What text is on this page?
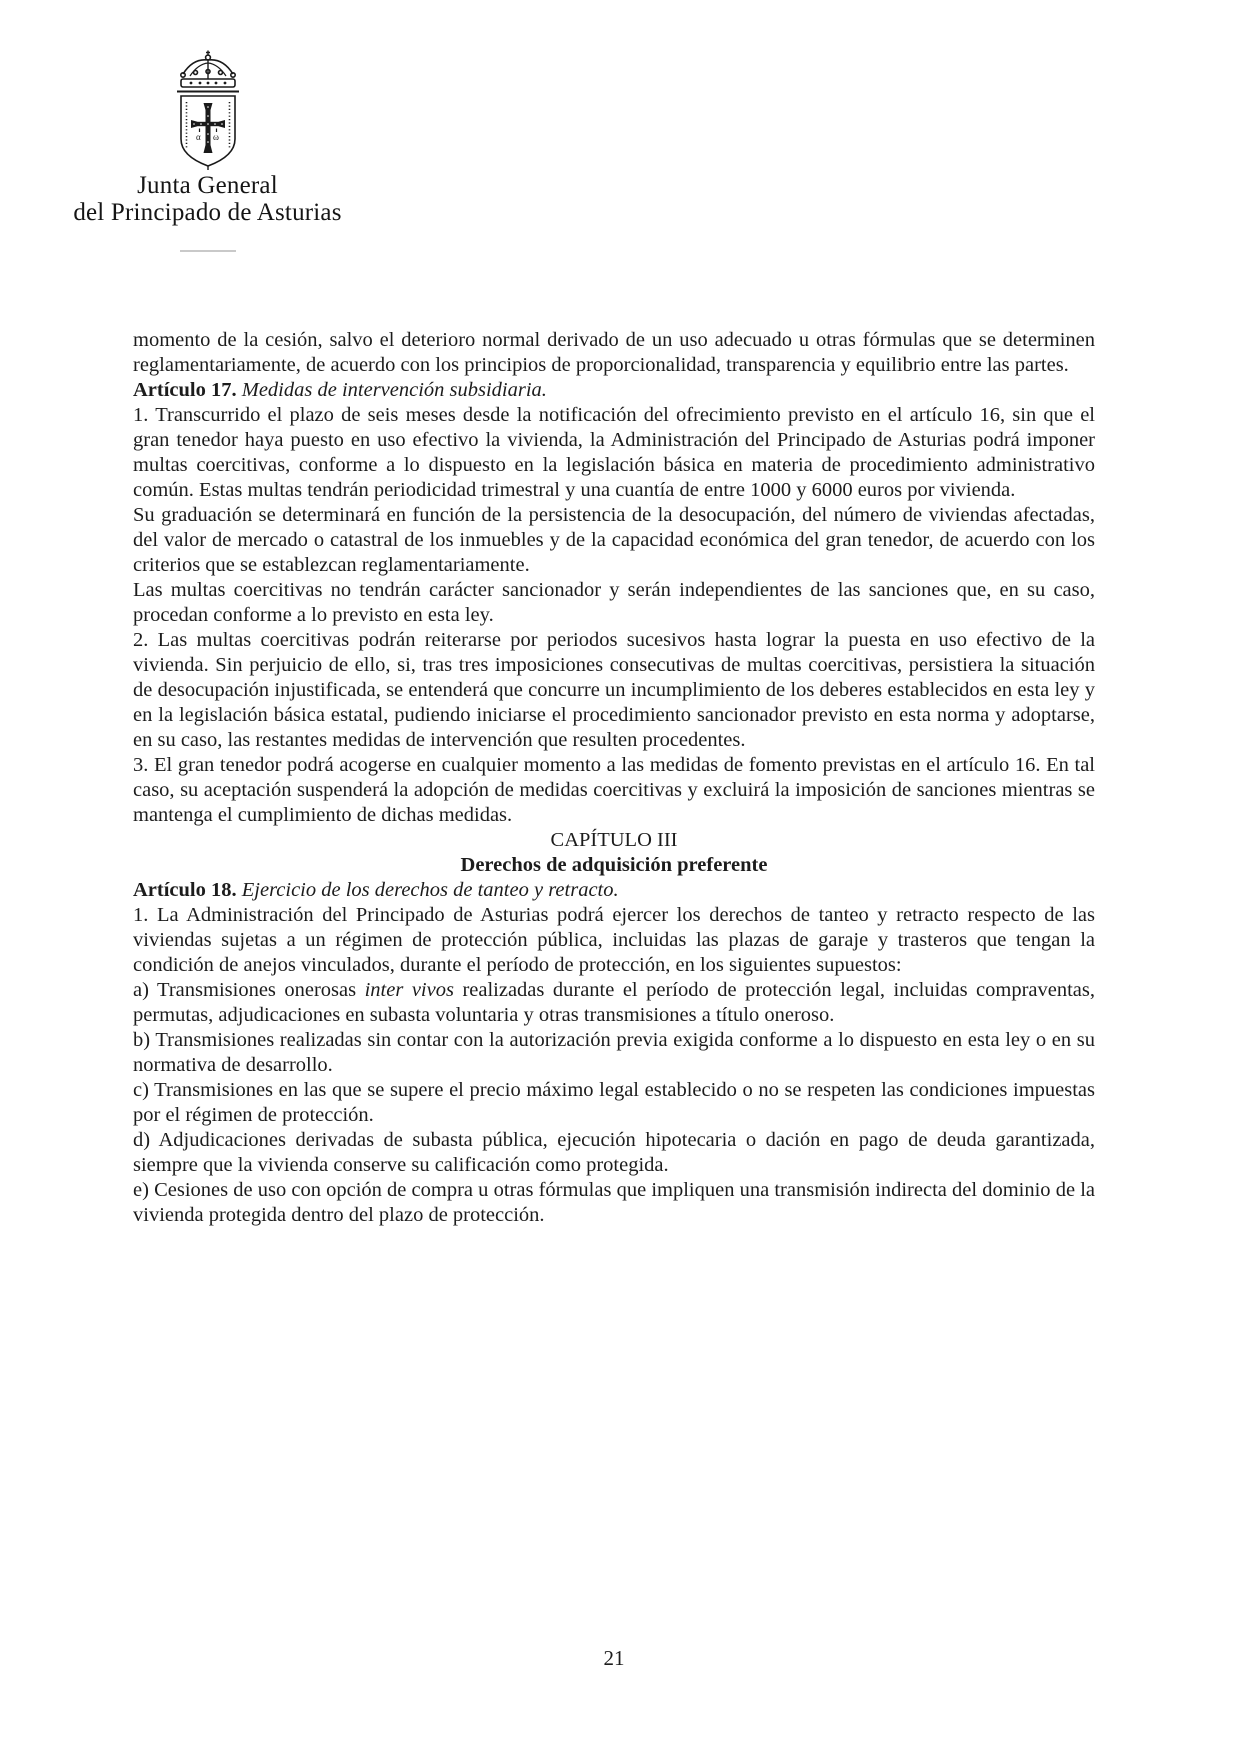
α ω
Junta General
del Principado de Asturias

momento de la cesión, salvo el deterioro normal derivado de un uso adecuado u otras fórmulas que se determinen reglamentariamente, de acuerdo con los principios de proporcionalidad, transparencia y equilibrio entre las partes.

Artículo 17. Medidas de intervención subsidiaria.

1. Transcurrido el plazo de seis meses desde la notificación del ofrecimiento previsto en el artículo 16, sin que el gran tenedor haya puesto en uso efectivo la vivienda, la Administración del Principado de Asturias podrá imponer multas coercitivas, conforme a lo dispuesto en la legislación básica en materia de procedimiento administrativo común. Estas multas tendrán periodicidad trimestral y una cuantía de entre 1000 y 6000 euros por vivienda.

Su graduación se determinará en función de la persistencia de la desocupación, del número de viviendas afectadas, del valor de mercado o catastral de los inmuebles y de la capacidad económica del gran tenedor, de acuerdo con los criterios que se establezcan reglamentariamente.

Las multas coercitivas no tendrán carácter sancionador y serán independientes de las sanciones que, en su caso, procedan conforme a lo previsto en esta ley.

2. Las multas coercitivas podrán reiterarse por periodos sucesivos hasta lograr la puesta en uso efectivo de la vivienda. Sin perjuicio de ello, si, tras tres imposiciones consecutivas de multas coercitivas, persistiera la situación de desocupación injustificada, se entenderá que concurre un incumplimiento de los deberes establecidos en esta ley y en la legislación básica estatal, pudiendo iniciarse el procedimiento sancionador previsto en esta norma y adoptarse, en su caso, las restantes medidas de intervención que resulten procedentes.

3. El gran tenedor podrá acogerse en cualquier momento a las medidas de fomento previstas en el artículo 16. En tal caso, su aceptación suspenderá la adopción de medidas coercitivas y excluirá la imposición de sanciones mientras se mantenga el cumplimiento de dichas medidas.

CAPÍTULO III

Derechos de adquisición preferente

Artículo 18. Ejercicio de los derechos de tanteo y retracto.

1. La Administración del Principado de Asturias podrá ejercer los derechos de tanteo y retracto respecto de las viviendas sujetas a un régimen de protección pública, incluidas las plazas de garaje y trasteros que tengan la condición de anejos vinculados, durante el período de protección, en los siguientes supuestos:

a) Transmisiones onerosas inter vivos realizadas durante el período de protección legal, incluidas compraventas, permutas, adjudicaciones en subasta voluntaria y otras transmisiones a título oneroso.

b) Transmisiones realizadas sin contar con la autorización previa exigida conforme a lo dispuesto en esta ley o en su normativa de desarrollo.

c) Transmisiones en las que se supere el precio máximo legal establecido o no se respeten las condiciones impuestas por el régimen de protección.

d) Adjudicaciones derivadas de subasta pública, ejecución hipotecaria o dación en pago de deuda garantizada, siempre que la vivienda conserve su calificación como protegida.

e) Cesiones de uso con opción de compra u otras fórmulas que impliquen una transmisión indirecta del dominio de la vivienda protegida dentro del plazo de protección.

21
